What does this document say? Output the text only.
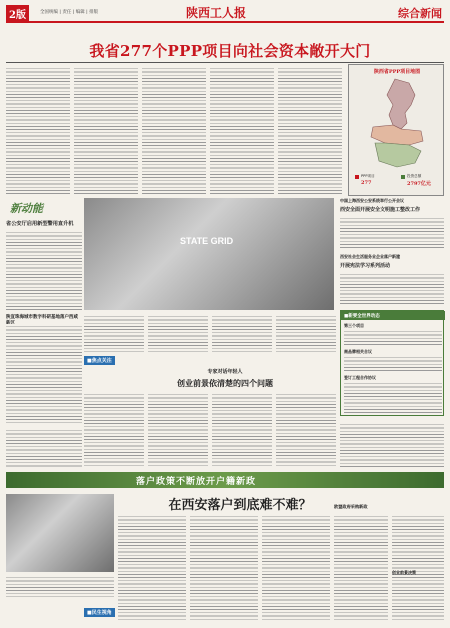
2版	全国统编 | 责任 | 编辑 | 排版	陕西工人报	综合新闻
我省277个PPP项目向社会资本敞开大门
陕西省PPP项目地图
PPP项目
277
投资总额
2797亿元
新动能
STATE GRID
省公安厅启用新型警用直升机
陕宣珠海城市数字科研基地落户西咸
中国上海西安公安系统举行公开会议
西安全面开展安全文明施工整改工作
西安社会生活服务业企业落户新建
开展宪法学习系列活动
■新要全世界动态
第三个项目
商品牌相关合议
签订工程合作协议
■焦点关注
专家对话年轻人
创业前景依清楚的四个问题
落户政策不断放开户籍新政
在西安落户到底难不难？
■民生视角
欧盟政府采购新政
创业前景决策
